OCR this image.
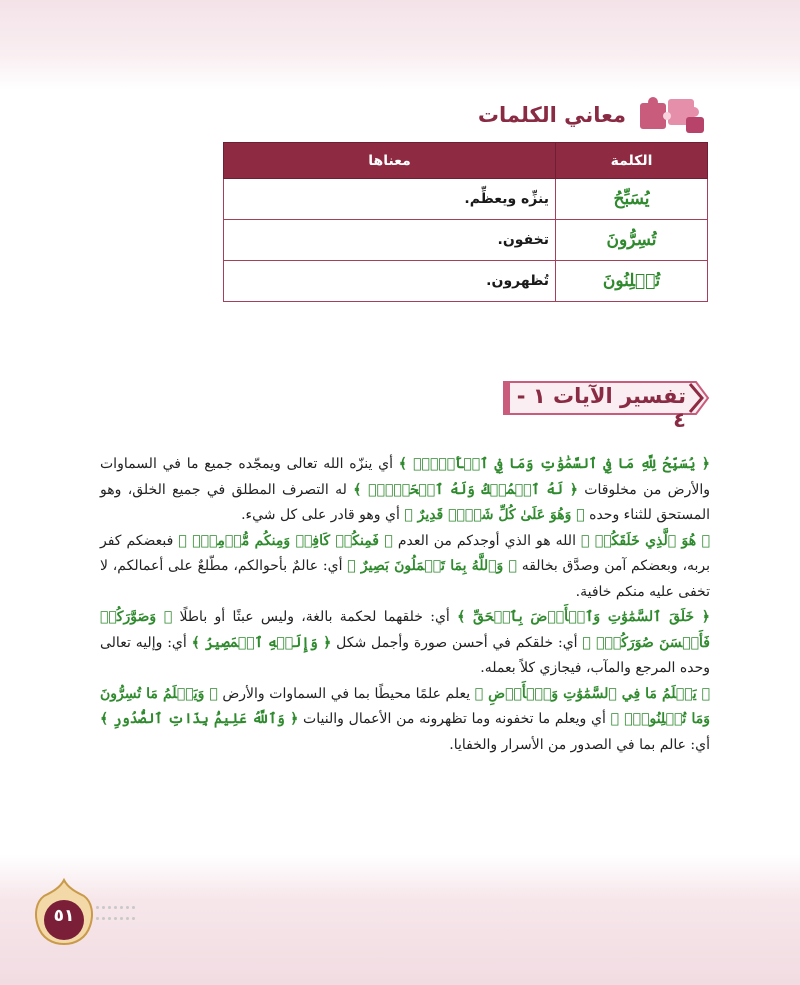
معاني الكلمات
الكلمة	معناها
يُسَبِّحُ	ينزِّه ويعظِّم.
تُسِرُّونَ	تخفون.
تُعۡلِنُونَ	تُظهرون.
تفسير الآيات ١ - ٤

﴿ يُسَبِّحُ لِلَّهِ مَا فِي ٱلسَّمَٰوَٰتِ وَمَا فِي ٱلۡأَرۡضِۖ ﴾ أي ينزّه الله تعالى ويمجّده جميع ما في السماوات والأرض من مخلوقات ﴿ لَهُ ٱلۡمُلۡكُ وَلَهُ ٱلۡحَمۡدُۖ ﴾ له التصرف المطلق في جميع الخلق، وهو المستحق للثناء وحده ﴿ وَهُوَ عَلَىٰ كُلِّ شَيۡءٖ قَدِيرٌ ﴾ أي وهو قادر على كل شيء.

﴿ هُوَ ٱلَّذِي خَلَقَكُمۡ ﴾ الله هو الذي أوجدكم من العدم ﴿ فَمِنكُمۡ كَافِرٞ وَمِنكُم مُّؤۡمِنٞۚ ﴾ فبعضكم كفر بربه، وبعضكم آمن وصدَّق بخالقه ﴿ وَٱللَّهُ بِمَا تَعۡمَلُونَ بَصِيرٌ ﴾ أي: عالمٌ بأحوالكم، مطّلعٌ على أعمالكم، لا تخفى عليه منكم خافية.

﴿ خَلَقَ ٱلسَّمَٰوَٰتِ وَٱلۡأَرۡضَ بِٱلۡحَقِّ ﴾ أي: خلقهما لحكمة بالغة، وليس عبثًا أو باطلًا ﴿ وَصَوَّرَكُمۡ فَأَحۡسَنَ صُوَرَكُمۡۖ ﴾ أي: خلقكم في أحسن صورة وأجمل شكل ﴿ وَإِلَيۡهِ ٱلۡمَصِيرُ ﴾ أي: وإليه تعالى وحده المرجع والمآب، فيجازي كلاً بعمله.

﴿ يَعۡلَمُ مَا فِي ٱلسَّمَٰوَٰتِ وَٱلۡأَرۡضِ ﴾ يعلم علمًا محيطًا بما في السماوات والأرض ﴿ وَيَعۡلَمُ مَا تُسِرُّونَ وَمَا تُعۡلِنُونَۚ ﴾ أي ويعلم ما تخفونه وما تظهرونه من الأعمال والنيات ﴿ وَٱللَّهُ عَلِيمُۢ بِذَاتِ ٱلصُّدُورِ ﴾ أي: عالم بما في الصدور من الأسرار والخفايا.

٥١
